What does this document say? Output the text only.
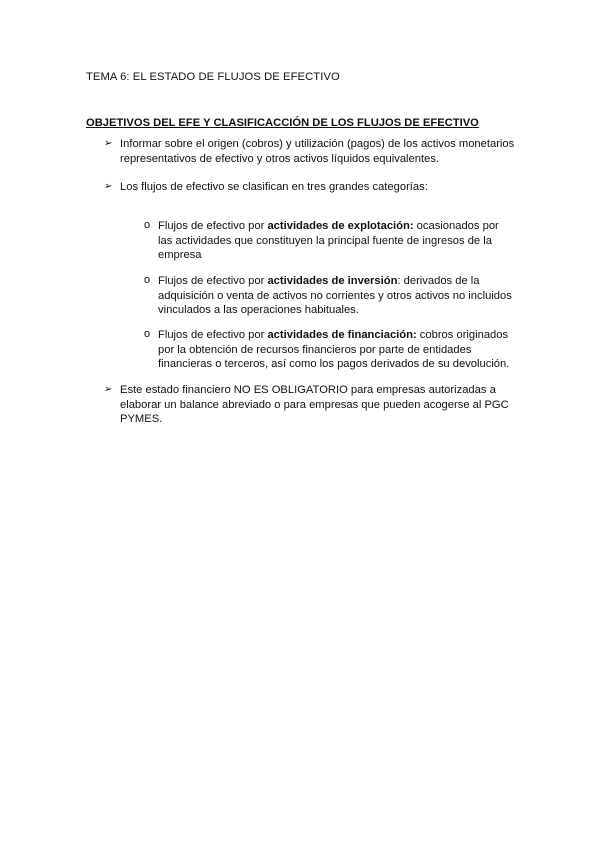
TEMA 6: EL ESTADO DE FLUJOS DE EFECTIVO
OBJETIVOS DEL EFE Y CLASIFICACCIÓN DE LOS FLUJOS DE EFECTIVO
➢ Informar sobre el origen (cobros) y utilización (pagos) de los activos monetarios representativos de efectivo y otros activos líquidos equivalentes.
➢ Los flujos de efectivo se clasifican en tres grandes categorías:
o Flujos de efectivo por actividades de explotación: ocasionados por las actividades que constituyen la principal fuente de ingresos de la empresa
o Flujos de efectivo por actividades de inversión: derivados de la adquisición o venta de activos no corrientes y otros activos no incluidos vinculados a las operaciones habituales.
o Flujos de efectivo por actividades de financiación: cobros originados por la obtención de recursos financieros por parte de entidades financieras o terceros, así como los pagos derivados de su devolución.
➢ Este estado financiero NO ES OBLIGATORIO para empresas autorizadas a elaborar un balance abreviado o para empresas que pueden acogerse al PGC PYMES.
